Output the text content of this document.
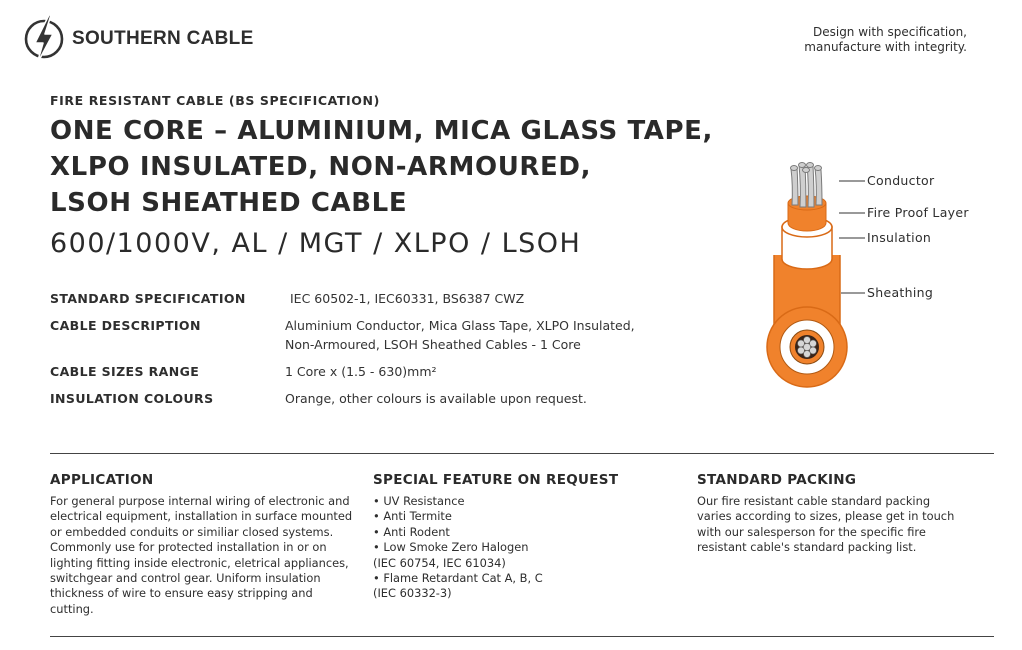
SOUTHERN CABLE	Design with specification,
manufacture with integrity.
FIRE RESISTANT CABLE (BS SPECIFICATION)
ONE CORE – ALUMINIUM, MICA GLASS TAPE,
XLPO INSULATED, NON-ARMOURED,
LSOH SHEATHED CABLE
600/1000V, AL / MGT / XLPO / LSOH
STANDARD SPECIFICATION	IEC 60502-1, IEC60331, BS6387 CWZ
CABLE DESCRIPTION	Aluminium Conductor, Mica Glass Tape, XLPO Insulated,
Non-Armoured, LSOH Sheathed Cables - 1 Core
CABLE SIZES RANGE	1 Core x (1.5 - 630)mm²
INSULATION COLOURS	Orange, other colours is available upon request.
Conductor
Fire Proof Layer
Insulation
Sheathing
APPLICATION

For general purpose internal wiring of electronic and electrical equipment, installation in surface mounted or embedded conduits or similiar closed systems. Commonly use for protected installation in or on lighting fitting inside electronic, eletrical appliances, switchgear and control gear. Uniform insulation thickness of wire to ensure easy stripping and cutting.

SPECIAL FEATURE ON REQUEST
• UV Resistance
• Anti Termite
• Anti Rodent
• Low Smoke Zero Halogen
(IEC 60754, IEC 61034)
• Flame Retardant Cat A, B, C
(IEC 60332-3)
STANDARD PACKING

Our fire resistant cable standard packing varies according to sizes, please get in touch with our salesperson for the specific fire resistant cable's standard packing list.
